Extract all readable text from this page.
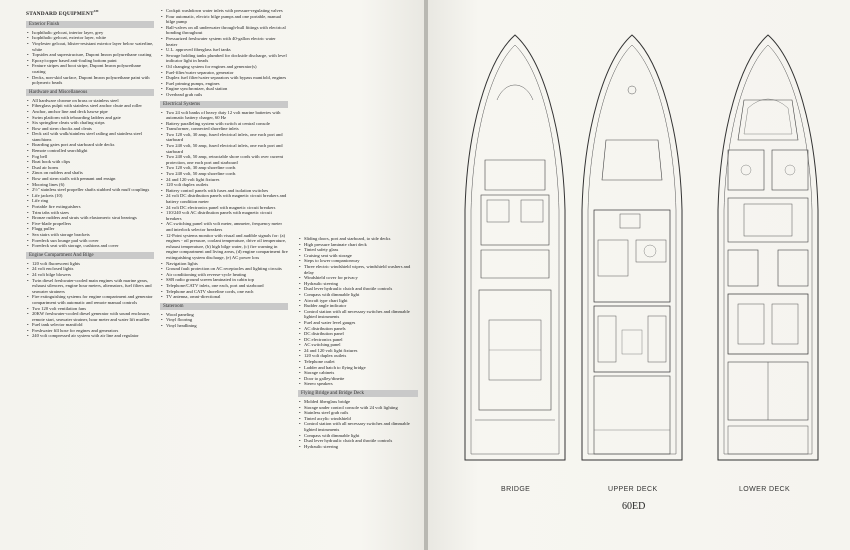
STANDARD EQUIPMENT℠
Exterior Finish
• Isophthalic gelcoat, interior layer, grey
• Isophthalic gelcoat, exterior layer, white
• Vinylester gelcoat, blister-resistant exterior layer below waterline, white
• Topsides and superstructure, Dupont Imron polyurethane coating
• Epoxy/copper based anti-fouling bottom paint
• Feature stripes and boot stripe, Dupont Imron polyurethane coating
• Decks, non-skid surface, Dupont Imron polyurethane paint with polymeric beads
Hardware and Miscellaneous
• All hardware chrome on brass or stainless steel
• Fiberglass pulpit with stainless steel anchor chute and roller
• Anchor, anchor line and deck hawse pipe
• Swim platform with teboarding ladders and gate
• Six springline cleats with chafing strips
• Bow and stern chocks and cleats
• Deck rail with walk/stainless steel railing and stainless steel stanchions
• Boarding gates port and starboard side decks
• Remote controlled searchlight
• Fog bell
• Boat hook with clips
• Dual air horns
• Zinos on rudders and shafts
• Bow and stern staffs with pennant and ensign
• Mooring lines (6)
• 2½" stainless steel propeller shafts stubbed with muff couplings
• Life jackets (10)
• Life ring
• Portable fire extinguishers
• Trim tabs with sizes
• Bronze rudders and struts with elastomeric strut bearings
• Five-blade propellers
• Flagg puller
• Sea stairs with storage brackets
• Foredeck sun lounge pad with cover
• Foredeck seat with storage, cushions and cover
Engine Compartment And Bilge
• 120 volt fluorescent lights
• 24 volt enclosed lights
• 24 volt bilge blowers
• Twin diesel freshwater-cooled main engines with marine gears, exhaust silencers, engine hour meters, alternators, fuel filters and seawater strainers
• Fire extinguishing systems for engine compartment and generator compartment with automatic and remote manual controls
• Two 120 volt ventilation fans
• 20KW freshwater-cooled diesel generator with sound enclosure, remote start, seawater strainer, hour meter and water lift muffler
• Fuel tank selector manifold
• Freshwater fill hose for engines and generators
• 240 volt compressed air system with air line and regulator
• Cockpit washdown water inlets with pressure-regulating valves
• Four automatic, electric bilge pumps and one portable, manual bilge pump
• Ball-valves on all underwater through-hull fittings with electrical bonding throughout
• Pressurized freshwater system with 40-gallon electric water heater
• U.L. approved fiberglass fuel tanks
• Sewage holding tanks plumbed for dockside discharge, with level indicator light in heads
• Oil changing system for engines and generator(s)
• Fuel-filter/water separator, generator
• Duplex fuel filter/water separators with bypass manifold, engines
• Fuel priming pumps, engines
• Engine synchronizer, dual station
• Overhead grab rails
Electrical Systems
• Two 24 volt banks of heavy duty 12 volt marine batteries with automatic battery charger, 60 Hz
• Battery paralleling system with switch at central console
• Transformer, connected shoreline inlets
• Two 120 volt, 30 amp, fused electrical inlets, one each port and starboard
• Two 240 volt, 50 amp, fused electrical inlets, one each port and starboard
• Two 240 volt, 50 amp, retractable shore cords with over current protection, one each port and starboard
• Two 120 volt, 30 amp shoreline cords
• Two 240 volt, 50 amp shoreline cords
• 24 and 120 volt light fixtures
• 120 volt duplex outlets
• Battery control panels with fuses and isolation switches
• 24 volt DC distribution panels with magnetic circuit breakers and battery condition meter
• 24 volt DC electronics panel with magnetic circuit breakers
• 110/240 volt AC distribution panels with magnetic circuit breakers
• AC switching panel with volt meter, ammeter, frequency meter and interlock selector breakers
• 12-Point systems monitor with visual and audible signals for: (a) engines - oil pressure, coolant temperature, drive oil temperature, exhaust temperature, (b) high bilge water, (c) fire warning in engine compartment and living areas, (d) engine compartment fire extinguishing system discharge, (e) AC power loss
• Navigation lights
• Ground fault protection on AC receptacles and lighting circuits
• Air conditioning with reverse-cycle heating
• SSB radio ground screen laminated in cabin top
• Telephone/CATV inlets, one each, port and starboard
• Telephone and CATV shoreline cords, one each
• TV antenna, omni-directional
Stateroom
• Wood paneling
• Vinyl flooring
• Vinyl headlining
• Sliding doors, port and starboard, to side decks
• High pressure laminate chart deck
• Tinted safety glass
• Cruising seat with storage
• Steps to lower companionway
• Three electric windshield wipers, windshield washers and delay
• Windshield cover for privacy
• Hydraulic steering
• Dual lever hydraulic clutch and throttle controls
• Compass with dimmable light
• Aircraft type chart light
• Rudder angle indicator
• Control station with all necessary switches and dimmable lighted instruments
• Fuel and water level gauges
• AC distribution panels
• DC distribution panel
• DC electronics panel
• AC switching panel
• 24 and 120 volt light fixtures
• 120 volt duplex outlets
• Telephone outlet
• Ladder and hatch to flying bridge
• Storage cabinets
• Door to galley/dinette
• Stereo speakers
Flying Bridge and Bridge Deck
• Molded fiberglass bridge
• Storage under control console with 24 volt lighting
• Stainless steel grab rails
• Tinted acrylic windshield
• Control station with all necessary switches and dimmable lighted instruments
• Compass with dimmable light
• Dual lever hydraulic clutch and throttle controls
• Hydraulic steering
BRIDGE	UPPER DECK	LOWER DECK
60ED
